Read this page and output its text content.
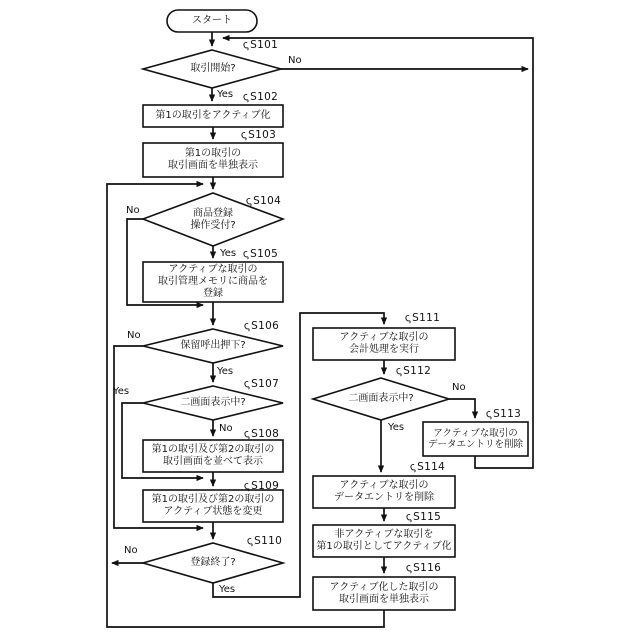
スタート
取引開始?
第1の取引をアクティブ化
第1の取引の
取引画面を単独表示
商品登録
操作受付?
アクティブな取引の
取引管理メモリに商品を
登録
保留呼出押下?
二画面表示中?
第1の取引及び第2の取引の
取引画面を並べて表示
第1の取引及び第2の取引の
アクティブ状態を変更
登録終了?
アクティブな取引の
会計処理を実行
二画面表示中?
アクティブな取引の
データエントリを削除
アクティブな取引の
データエントリを削除
非アクティブな取引を
第1の取引としてアクティブ化
アクティブ化した取引の
取引画面を単独表示
ςS101
ςS102
ςS103
ςS104
ςS105
ςS106
ςS107
ςS108
ςS109
ςS110
ςS111
ςS112
ςS113
ςS114
ςS115
ςS116
No
Yes
No
Yes
No
Yes
Yes
No
No
Yes
No
Yes
